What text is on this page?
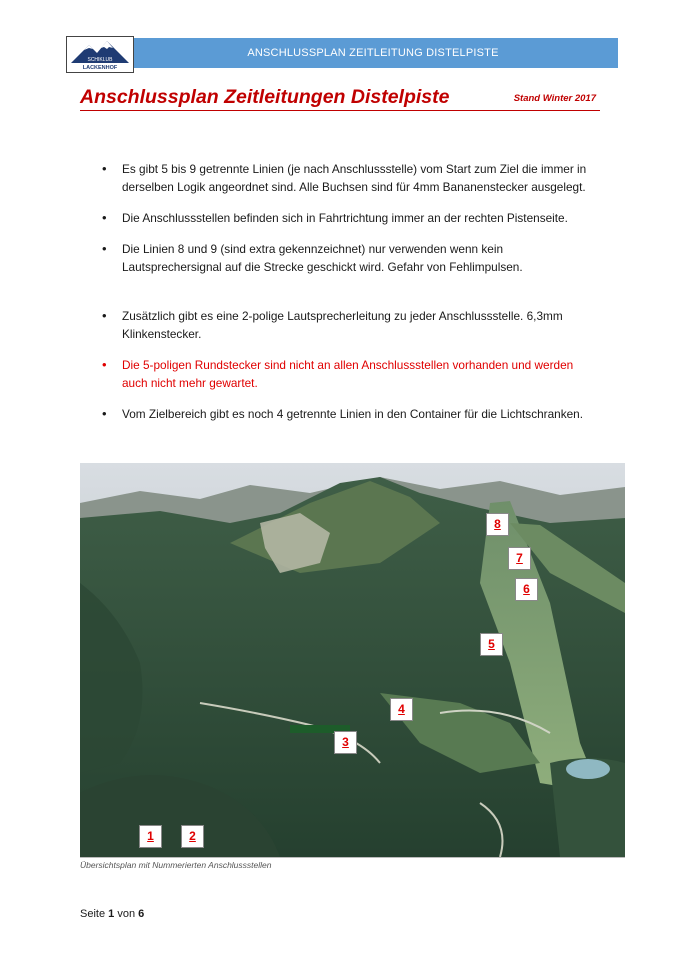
ANSCHLUSSPLAN ZEITLEITUNG DISTELPISTE
SCHIKLUB
LACKENHOF
Anschlussplan Zeitleitungen Distelpiste	Stand Winter 2017
• Es gibt 5 bis 9 getrennte Linien (je nach Anschlussstelle) vom Start zum Ziel die immer in derselben Logik angeordnet sind. Alle Buchsen sind für 4mm Bananenstecker ausgelegt.
• Die Anschlussstellen befinden sich in Fahrtrichtung immer an der rechten Pistenseite.
• Die Linien 8 und 9 (sind extra gekennzeichnet) nur verwenden wenn kein Lautsprechersignal auf die Strecke geschickt wird. Gefahr von Fehlimpulsen.
• Zusätzlich gibt es eine 2-polige Lautsprecherleitung zu jeder Anschlussstelle. 6,3mm Klinkenstecker.
• Die 5-poligen Rundstecker sind nicht an allen Anschlussstellen vorhanden und werden auch nicht mehr gewartet.
• Vom Zielbereich gibt es noch 4 getrennte Linien in den Container für die Lichtschranken.
1	2
3
4
5
6
7
8
Übersichtsplan mit Nummerierten Anschlussstellen
Seite 1 von 6
